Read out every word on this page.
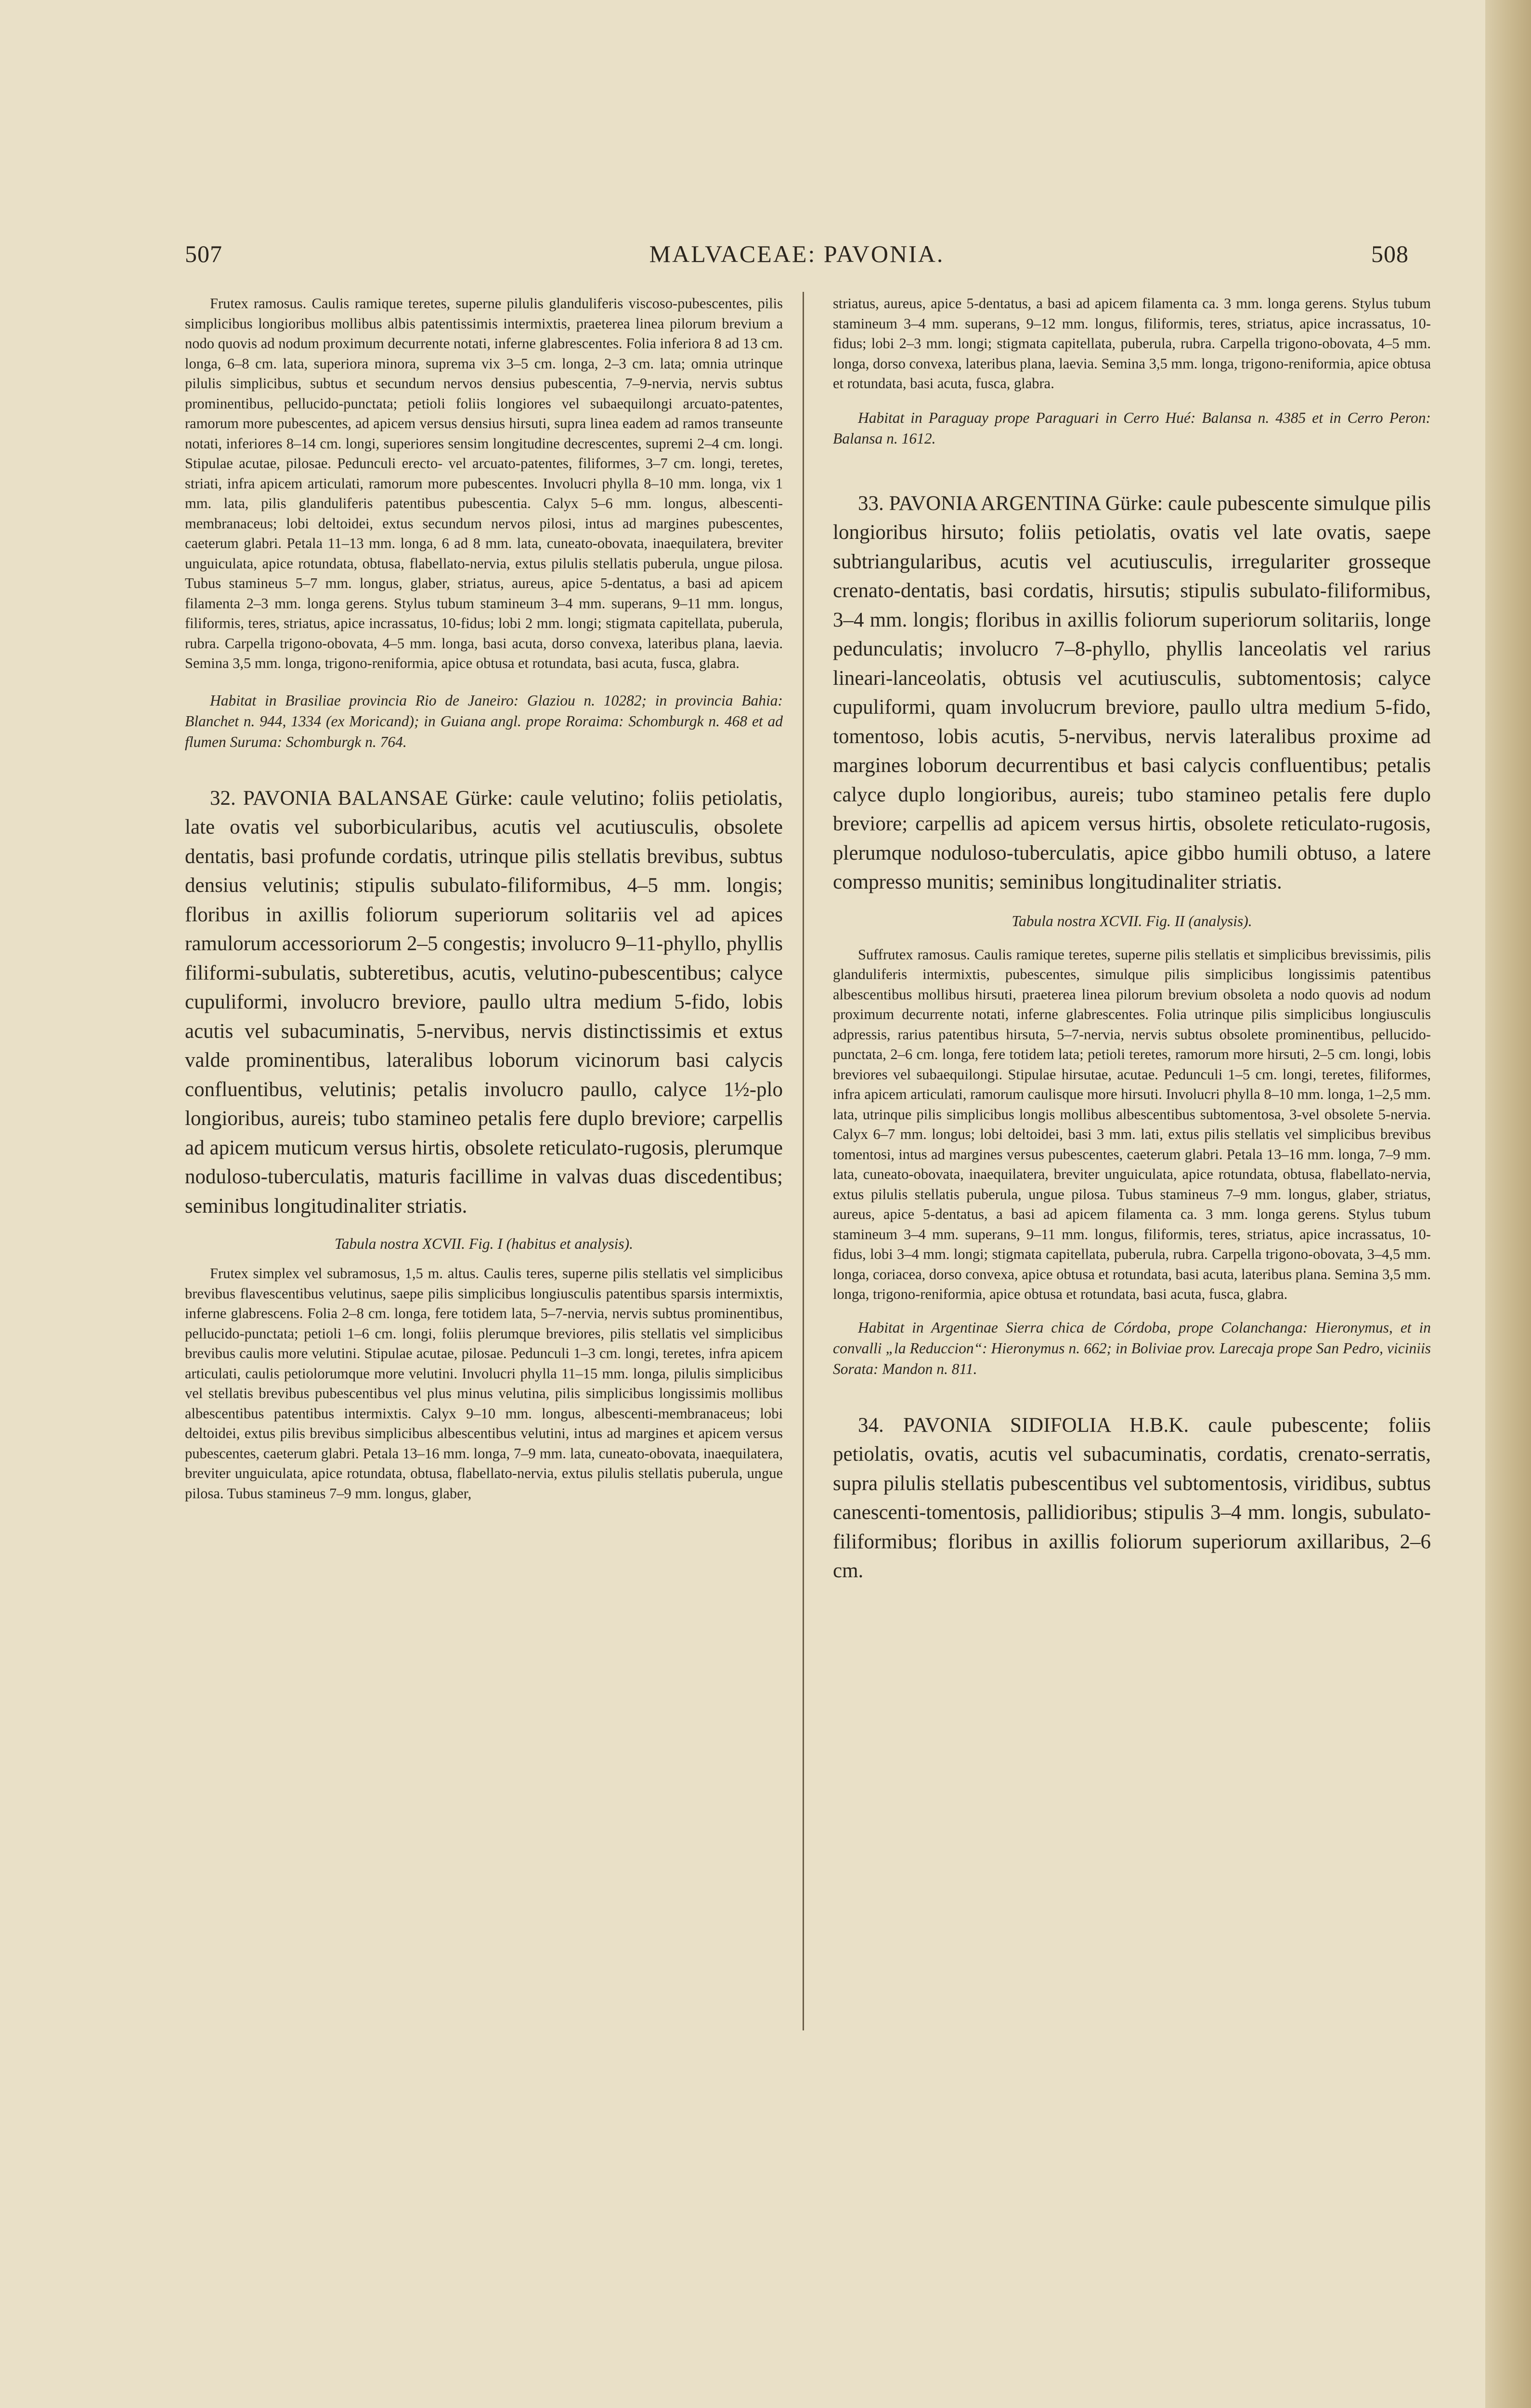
507	MALVACEAE: PAVONIA.	508

Frutex ramosus. Caulis ramique teretes, superne pilulis glanduliferis viscoso-pubescentes, pilis simplicibus longioribus mollibus albis patentissimis intermixtis, praeterea linea pilorum brevium a nodo quovis ad nodum proximum decurrente notati, inferne glabrescentes. Folia inferiora 8 ad 13 cm. longa, 6–8 cm. lata, superiora minora, suprema vix 3–5 cm. longa, 2–3 cm. lata; omnia utrinque pilulis simplicibus, subtus et secundum nervos densius pubescentia, 7–9-nervia, nervis subtus prominentibus, pellucido-punctata; petioli foliis longiores vel subaequilongi arcuato-patentes, ramorum more pubescentes, ad apicem versus densius hirsuti, supra linea eadem ad ramos transeunte notati, inferiores 8–14 cm. longi, superiores sensim longitudine decrescentes, supremi 2–4 cm. longi. Stipulae acutae, pilosae. Pedunculi erecto- vel arcuato-patentes, filiformes, 3–7 cm. longi, teretes, striati, infra apicem articulati, ramorum more pubescentes. Involucri phylla 8–10 mm. longa, vix 1 mm. lata, pilis glanduliferis patentibus pubescentia. Calyx 5–6 mm. longus, albescenti-membranaceus; lobi deltoidei, extus secundum nervos pilosi, intus ad margines pubescentes, caeterum glabri. Petala 11–13 mm. longa, 6 ad 8 mm. lata, cuneato-obovata, inaequilatera, breviter unguiculata, apice rotundata, obtusa, flabellato-nervia, extus pilulis stellatis puberula, ungue pilosa. Tubus stamineus 5–7 mm. longus, glaber, striatus, aureus, apice 5-dentatus, a basi ad apicem filamenta 2–3 mm. longa gerens. Stylus tubum stamineum 3–4 mm. superans, 9–11 mm. longus, filiformis, teres, striatus, apice incrassatus, 10-fidus; lobi 2 mm. longi; stigmata capitellata, puberula, rubra. Carpella trigono-obovata, 4–5 mm. longa, basi acuta, dorso convexa, lateribus plana, laevia. Semina 3,5 mm. longa, trigono-reniformia, apice obtusa et rotundata, basi acuta, fusca, glabra.

Habitat in Brasiliae provincia Rio de Janeiro: Glaziou n. 10282; in provincia Bahia: Blanchet n. 944, 1334 (ex Moricand); in Guiana angl. prope Roraima: Schomburgk n. 468 et ad flumen Suruma: Schomburgk n. 764.

32. PAVONIA BALANSAE Gürke: caule velutino; foliis petiolatis, late ovatis vel suborbicularibus, acutis vel acutiusculis, obsolete dentatis, basi profunde cordatis, utrinque pilis stellatis brevibus, subtus densius velutinis; stipulis subulato-filiformibus, 4–5 mm. longis; floribus in axillis foliorum superiorum solitariis vel ad apices ramulorum accessoriorum 2–5 congestis; involucro 9–11-phyllo, phyllis filiformi-subulatis, subteretibus, acutis, velutino-pubescentibus; calyce cupuliformi, involucro breviore, paullo ultra medium 5-fido, lobis acutis vel subacuminatis, 5-nervibus, nervis distinctissimis et extus valde prominentibus, lateralibus loborum vicinorum basi calycis confluentibus, velutinis; petalis involucro paullo, calyce 1½-plo longioribus, aureis; tubo stamineo petalis fere duplo breviore; carpellis ad apicem muticum versus hirtis, obsolete reticulato-rugosis, plerumque noduloso-tuberculatis, maturis facillime in valvas duas discedentibus; seminibus longitudinaliter striatis.

Tabula nostra XCVII. Fig. I (habitus et analysis).

Frutex simplex vel subramosus, 1,5 m. altus. Caulis teres, superne pilis stellatis vel simplicibus brevibus flavescentibus velutinus, saepe pilis simplicibus longiusculis patentibus sparsis intermixtis, inferne glabrescens. Folia 2–8 cm. longa, fere totidem lata, 5–7-nervia, nervis subtus prominentibus, pellucido-punctata; petioli 1–6 cm. longi, foliis plerumque breviores, pilis stellatis vel simplicibus brevibus caulis more velutini. Stipulae acutae, pilosae. Pedunculi 1–3 cm. longi, teretes, infra apicem articulati, caulis petiolorumque more velutini. Involucri phylla 11–15 mm. longa, pilulis simplicibus vel stellatis brevibus pubescentibus vel plus minus velutina, pilis simplicibus longissimis mollibus albescentibus patentibus intermixtis. Calyx 9–10 mm. longus, albescenti-membranaceus; lobi deltoidei, extus pilis brevibus simplicibus albescentibus velutini, intus ad margines et apicem versus pubescentes, caeterum glabri. Petala 13–16 mm. longa, 7–9 mm. lata, cuneato-obovata, inaequilatera, breviter unguiculata, apice rotundata, obtusa, flabellato-nervia, extus pilulis stellatis puberula, ungue pilosa. Tubus stamineus 7–9 mm. longus, glaber,

striatus, aureus, apice 5-dentatus, a basi ad apicem filamenta ca. 3 mm. longa gerens. Stylus tubum stamineum 3–4 mm. superans, 9–12 mm. longus, filiformis, teres, striatus, apice incrassatus, 10-fidus; lobi 2–3 mm. longi; stigmata capitellata, puberula, rubra. Carpella trigono-obovata, 4–5 mm. longa, dorso convexa, lateribus plana, laevia. Semina 3,5 mm. longa, trigono-reniformia, apice obtusa et rotundata, basi acuta, fusca, glabra.

Habitat in Paraguay prope Paraguari in Cerro Hué: Balansa n. 4385 et in Cerro Peron: Balansa n. 1612.

33. PAVONIA ARGENTINA Gürke: caule pubescente simulque pilis longioribus hirsuto; foliis petiolatis, ovatis vel late ovatis, saepe subtriangularibus, acutis vel acutiusculis, irregulariter grosseque crenato-dentatis, basi cordatis, hirsutis; stipulis subulato-filiformibus, 3–4 mm. longis; floribus in axillis foliorum superiorum solitariis, longe pedunculatis; involucro 7–8-phyllo, phyllis lanceolatis vel rarius lineari-lanceolatis, obtusis vel acutiusculis, subtomentosis; calyce cupuliformi, quam involucrum breviore, paullo ultra medium 5-fido, tomentoso, lobis acutis, 5-nervibus, nervis lateralibus proxime ad margines loborum decurrentibus et basi calycis confluentibus; petalis calyce duplo longioribus, aureis; tubo stamineo petalis fere duplo breviore; carpellis ad apicem versus hirtis, obsolete reticulato-rugosis, plerumque noduloso-tuberculatis, apice gibbo humili obtuso, a latere compresso munitis; seminibus longitudinaliter striatis.

Tabula nostra XCVII. Fig. II (analysis).

Suffrutex ramosus. Caulis ramique teretes, superne pilis stellatis et simplicibus brevissimis, pilis glanduliferis intermixtis, pubescentes, simulque pilis simplicibus longissimis patentibus albescentibus mollibus hirsuti, praeterea linea pilorum brevium obsoleta a nodo quovis ad nodum proximum decurrente notati, inferne glabrescentes. Folia utrinque pilis simplicibus longiusculis adpressis, rarius patentibus hirsuta, 5–7-nervia, nervis subtus obsolete prominentibus, pellucido-punctata, 2–6 cm. longa, fere totidem lata; petioli teretes, ramorum more hirsuti, 2–5 cm. longi, lobis breviores vel subaequilongi. Stipulae hirsutae, acutae. Pedunculi 1–5 cm. longi, teretes, filiformes, infra apicem articulati, ramorum caulisque more hirsuti. Involucri phylla 8–10 mm. longa, 1–2,5 mm. lata, utrinque pilis simplicibus longis mollibus albescentibus subtomentosa, 3-vel obsolete 5-nervia. Calyx 6–7 mm. longus; lobi deltoidei, basi 3 mm. lati, extus pilis stellatis vel simplicibus brevibus tomentosi, intus ad margines versus pubescentes, caeterum glabri. Petala 13–16 mm. longa, 7–9 mm. lata, cuneato-obovata, inaequilatera, breviter unguiculata, apice rotundata, obtusa, flabellato-nervia, extus pilulis stellatis puberula, ungue pilosa. Tubus stamineus 7–9 mm. longus, glaber, striatus, aureus, apice 5-dentatus, a basi ad apicem filamenta ca. 3 mm. longa gerens. Stylus tubum stamineum 3–4 mm. superans, 9–11 mm. longus, filiformis, teres, striatus, apice incrassatus, 10-fidus, lobi 3–4 mm. longi; stigmata capitellata, puberula, rubra. Carpella trigono-obovata, 3–4,5 mm. longa, coriacea, dorso convexa, apice obtusa et rotundata, basi acuta, lateribus plana. Semina 3,5 mm. longa, trigono-reniformia, apice obtusa et rotundata, basi acuta, fusca, glabra.

Habitat in Argentinae Sierra chica de Córdoba, prope Colanchanga: Hieronymus, et in convalli „la Reduccion“: Hieronymus n. 662; in Boliviae prov. Larecaja prope San Pedro, viciniis Sorata: Mandon n. 811.

34. PAVONIA SIDIFOLIA H.B.K. caule pubescente; foliis petiolatis, ovatis, acutis vel subacuminatis, cordatis, crenato-serratis, supra pilulis stellatis pubescentibus vel subtomentosis, viridibus, subtus canescenti-tomentosis, pallidioribus; stipulis 3–4 mm. longis, subulato-filiformibus; floribus in axillis foliorum superiorum axillaribus, 2–6 cm.
